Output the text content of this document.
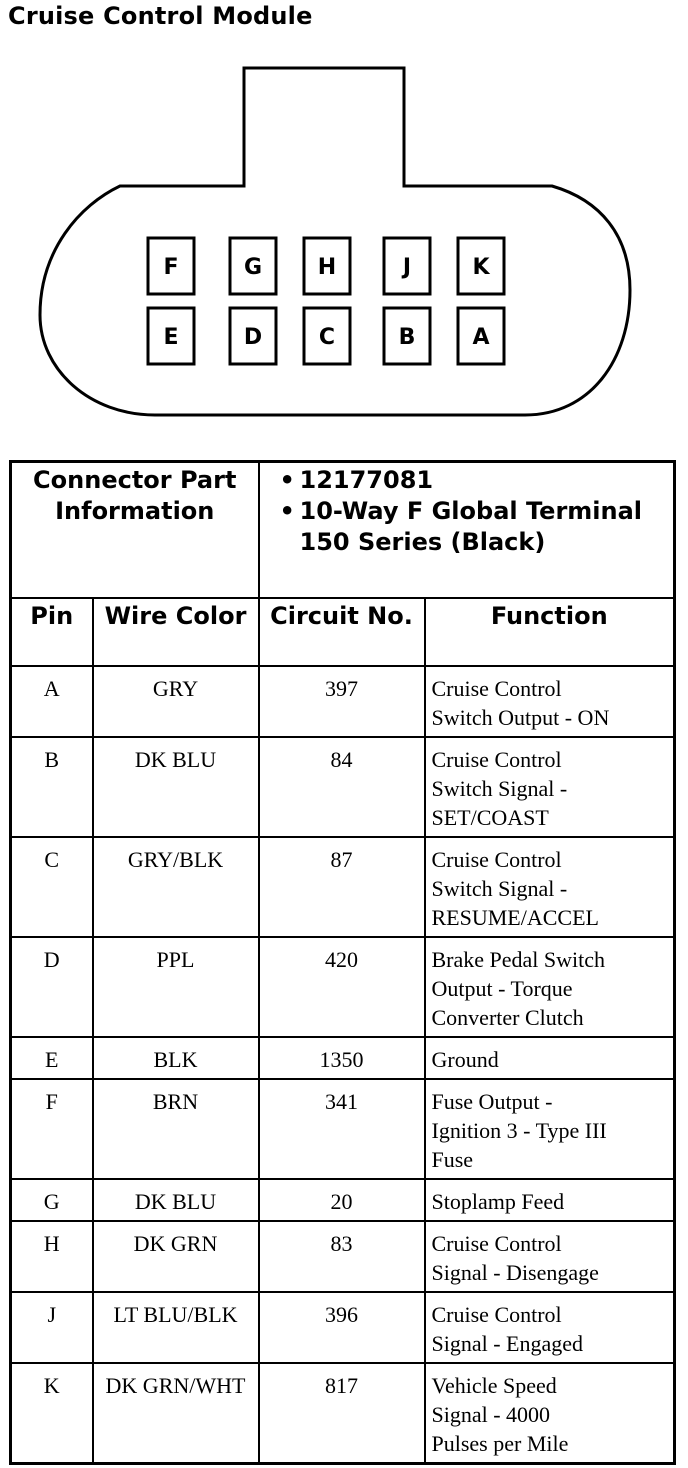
Cruise Control Module
F	G	H	J	K
E	D	C	B	A
Connector Part Information		• 12177081
• 10-Way F Global Terminal 150 Series (Black)

Pin	Wire Color	Circuit No.	Function
A	GRY	397	Cruise Control
Switch Output - ON

B	DK BLU	84	Cruise Control
Switch Signal -
SET/COAST

C	GRY/BLK	87	Cruise Control
Switch Signal -
RESUME/ACCEL

D	PPL	420	Brake Pedal Switch
Output - Torque
Converter Clutch

E	BLK	1350	Ground

F	BRN	341	Fuse Output -
Ignition 3 - Type III
Fuse

G	DK BLU	20	Stoplamp Feed

H	DK GRN	83	Cruise Control
Signal - Disengage

J	LT BLU/BLK	396	Cruise Control
Signal - Engaged

K	DK GRN/WHT	817	Vehicle Speed
Signal - 4000
Pulses per Mile
